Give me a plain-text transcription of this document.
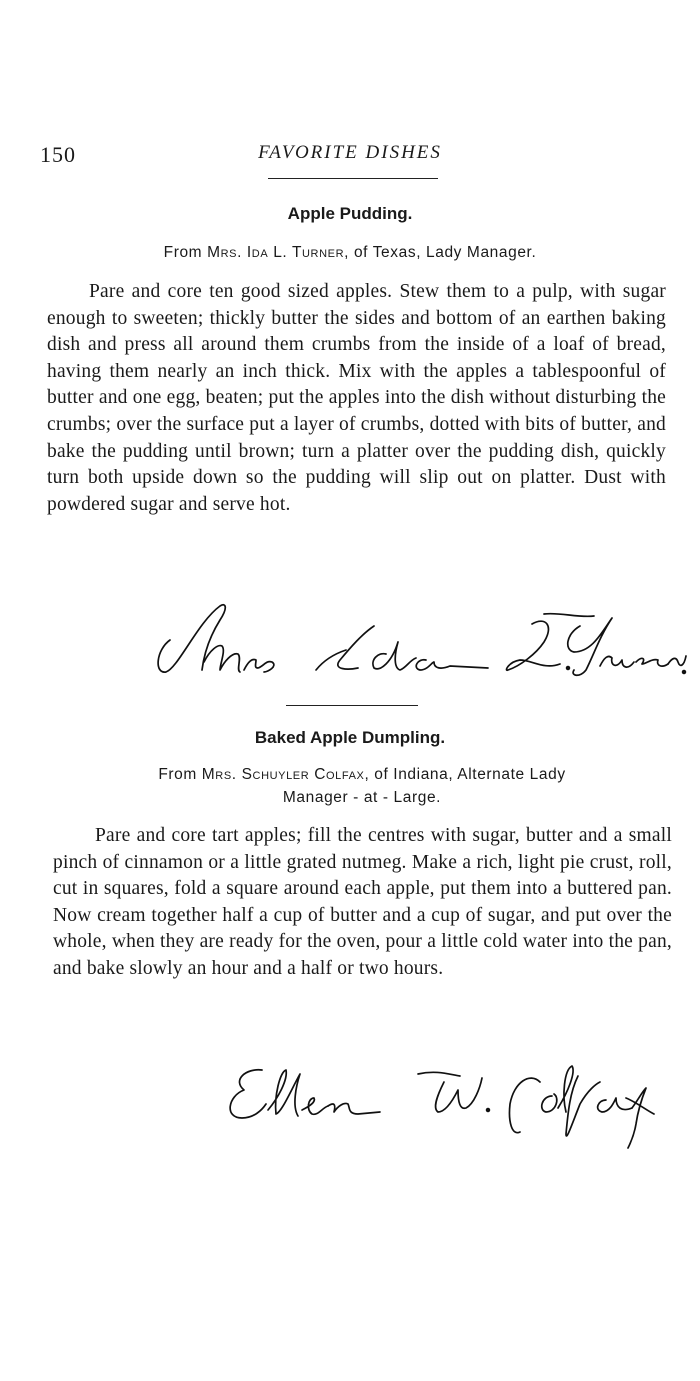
150	FAVORITE DISHES
Apple Pudding.
From Mrs. Ida L. Turner, of Texas, Lady Manager.

Pare and core ten good sized apples. Stew them to a pulp, with sugar enough to sweeten; thickly butter the sides and bottom of an earthen baking dish and press all around them crumbs from the inside of a loaf of bread, having them nearly an inch thick. Mix with the apples a tablespoonful of butter and one egg, beaten; put the apples into the dish without disturbing the crumbs; over the surface put a layer of crumbs, dotted with bits of butter, and bake the pudding until brown; turn a platter over the pudding dish, quickly turn both upside down so the pudding will slip out on platter. Dust with powdered sugar and serve hot.

Baked Apple Dumpling.
From Mrs. Schuyler Colfax, of Indiana, Alternate Lady
Manager - at - Large.

Pare and core tart apples; fill the centres with sugar, butter and a small pinch of cinnamon or a little grated nutmeg. Make a rich, light pie crust, roll, cut in squares, fold a square around each apple, put them into a buttered pan. Now cream together half a cup of butter and a cup of sugar, and put over the whole, when they are ready for the oven, pour a little cold water into the pan, and bake slowly an hour and a half or two hours.
